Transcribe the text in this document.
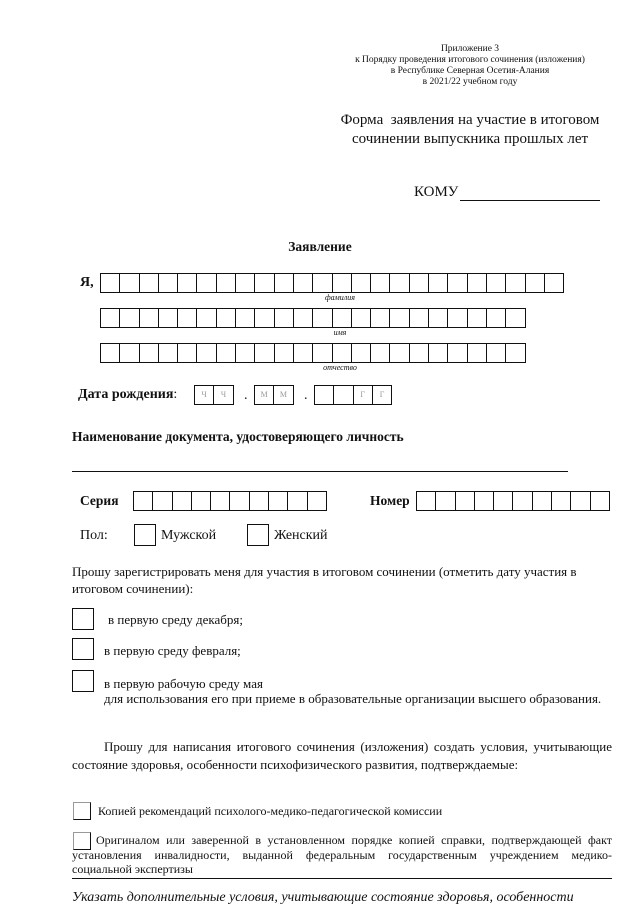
Приложение 3
к Порядку проведения итогового сочинения (изложения)
в Республике Северная Осетия-Алания
в 2021/22 учебном году
Форма  заявления на участие в итоговом
сочинении выпускника прошлых лет
КОМУ
Заявление
Я,
фамилия
имя
отчество
Дата рождения:	Ч	Ч	.	М	М	.	Г	Г
Наименование документа, удостоверяющего личность
Серия	Номер
Пол:	Мужской	Женский
Прошу зарегистрировать меня для участия в итоговом сочинении (отметить дату участия в итоговом сочинении):
в первую среду декабря;
в первую среду февраля;
в первую рабочую среду мая
для использования его при приеме в образовательные организации высшего образования.
Прошу для написания итогового сочинения (изложения) создать условия, учитывающие состояние здоровья, особенности психофизического развития, подтверждаемые:
Копией рекомендаций психолого-медико-педагогической комиссии
Оригиналом или заверенной в установленном порядке копией справки, подтверждающей факт установления инвалидности, выданной федеральным государственным учреждением медико-социальной экспертизы
Указать дополнительные условия, учитывающие состояние здоровья, особенности
